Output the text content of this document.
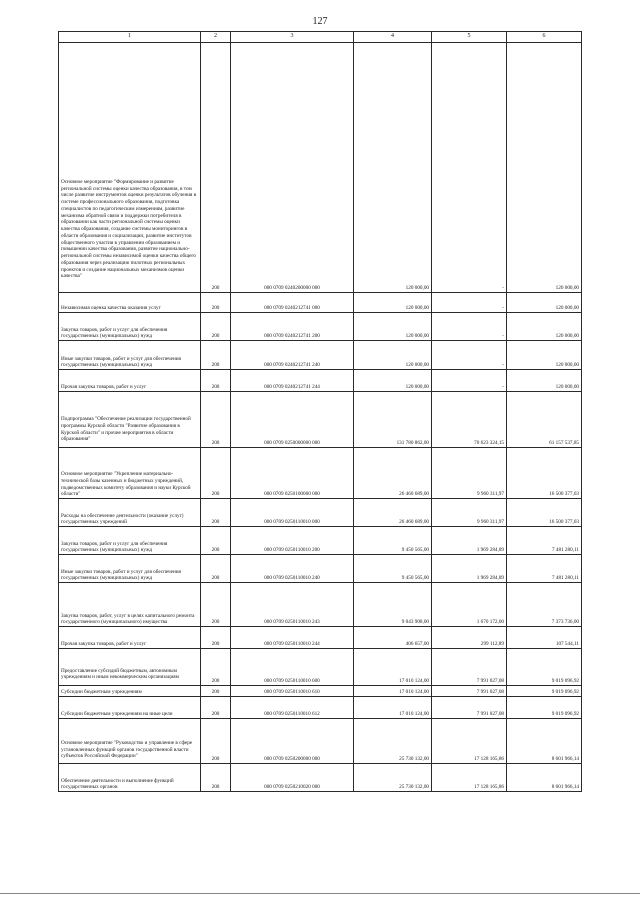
127
1	2	3	4	5	6

Основное мероприятие "Формирование и развитие региональной системы оценки качества образования, в том числе развитие инструментов оценки результатов обучения в системе профессионального образования, подготовка специалистов по педагогическим измерениям, развитие механизма обратной связи и поддержки потребителя в образовании как части региональной системы оценки качества образования, создание системы мониторингов в области образования и социализации, развитие институтов общественного участия в управлении образованием и повышении качества образования, развитие национально-региональной системы независимой оценки качества общего образования через реализацию пилотных региональных проектов и создание национальных механизмов оценки качества"	200	000 0709 0240200000 000	120 000,00	-	120 000,00

Независимая оценка качества оказания услуг	200	000 0709 0240212741 000	120 000,00	-	120 000,00

Закупка товаров, работ и услуг для обеспечения государственных (муниципальных) нужд	200	000 0709 0240212741 200	120 000,00	-	120 000,00

Иные закупки товаров, работ и услуг для обеспечения государственных (муниципальных) нужд	200	000 0709 0240212741 240	120 000,00	-	120 000,00

Прочая закупка товаров, работ и услуг	200	000 0709 0240212741 244	120 000,00	-	120 000,00

Подпрограмма "Обеспечение реализации государственной программы Курской области "Развитие образования в Курской области" и прочие мероприятия в области образования"	200	000 0709 0250000000 000	131 780 862,00	70 623 324,15	61 157 537,85

Основное мероприятие "Укрепление материально-технической базы казенных и бюджетных учреждений, подведомственных комитету образования и науки Курской области"	200	000 0709 0250100000 000	26 460 689,00	9 960 311,97	16 500 377,03

Расходы на обеспечение деятельности (оказание услуг) государственных учреждений	200	000 0709 0250110010 000	26 460 689,00	9 960 311,97	16 500 377,03

Закупка товаров, работ и услуг для обеспечения государственных (муниципальных) нужд	200	000 0709 0250110010 200	9 450 565,00	1 969 284,89	7 481 280,11

Иные закупки товаров, работ и услуг для обеспечения государственных (муниципальных) нужд	200	000 0709 0250110010 240	9 450 565,00	1 969 284,89	7 481 280,11

Закупка товаров, работ, услуг в целях капитального ремонта государственного (муниципального) имущества	200	000 0709 0250110010 243	9 043 908,00	1 670 172,00	7 373 736,00

Прочая закупка товаров, работ и услуг	200	000 0709 0250110010 244	406 657,00	299 112,89	107 544,11

Предоставление субсидий бюджетным, автономным учреждениям и иным некоммерческим организациям	200	000 0709 0250110010 600	17 010 124,00	7 991 027,08	9 019 096,92

Субсидии бюджетным учреждениям	200	000 0709 0250110010 610	17 010 124,00	7 991 027,08	9 019 096,92

Субсидии бюджетным учреждениям на иные цели	200	000 0709 0250110010 612	17 010 124,00	7 991 027,08	9 019 096,92

Основное мероприятие "Руководство и управление в сфере установленных функций органов государственной власти субъектов Российской Федерации"	200	000 0709 0250200000 000	25 730 132,00	17 128 165,86	8 601 966,14

Обеспечение деятельности и выполнение функций государственных органов	200	000 0709 0250210020 000	25 730 132,00	17 128 165,86	8 601 966,14
